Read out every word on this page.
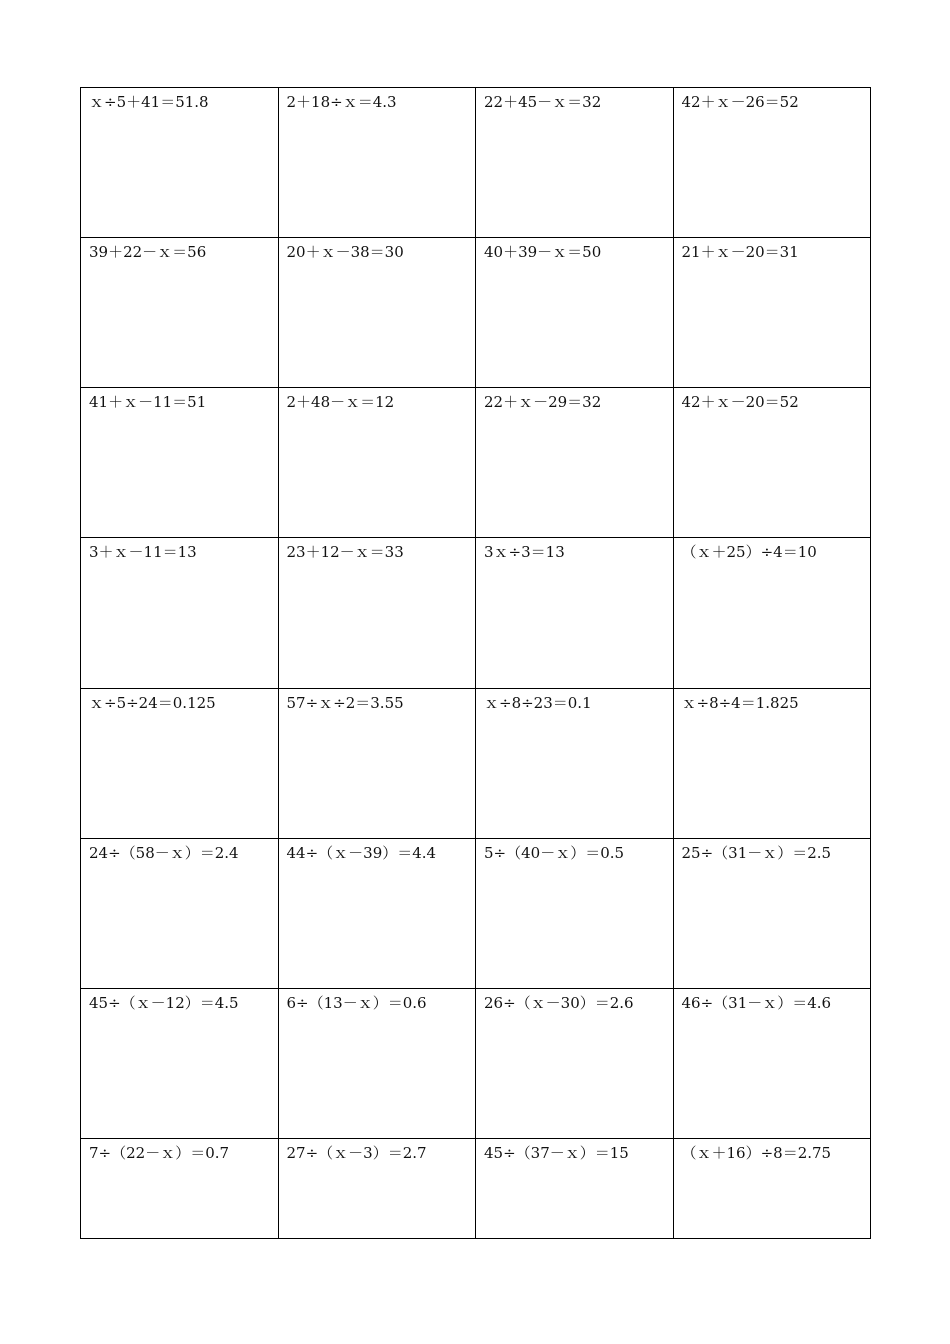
ｘ÷5＋41＝51.8	2＋18÷ｘ＝4.3	22＋45－ｘ＝32	42＋ｘ－26＝52
39＋22－ｘ＝56	20＋ｘ－38＝30	40＋39－ｘ＝50	21＋ｘ－20＝31
41＋ｘ－11＝51	2＋48－ｘ＝12	22＋ｘ－29＝32	42＋ｘ－20＝52
3＋ｘ－11＝13	23＋12－ｘ＝33	3ｘ÷3＝13	（ｘ＋25）÷4＝10
ｘ÷5÷24＝0.125	57÷ｘ÷2＝3.55	ｘ÷8÷23＝0.1	ｘ÷8÷4＝1.825
24÷（58－ｘ）＝2.4	44÷（ｘ－39）＝4.4	5÷（40－ｘ）＝0.5	25÷（31－ｘ）＝2.5
45÷（ｘ－12）＝4.5	6÷（13－ｘ）＝0.6	26÷（ｘ－30）＝2.6	46÷（31－ｘ）＝4.6
7÷（22－ｘ）＝0.7	27÷（ｘ－3）＝2.7	45÷（37－ｘ）＝15	（ｘ＋16）÷8＝2.75
